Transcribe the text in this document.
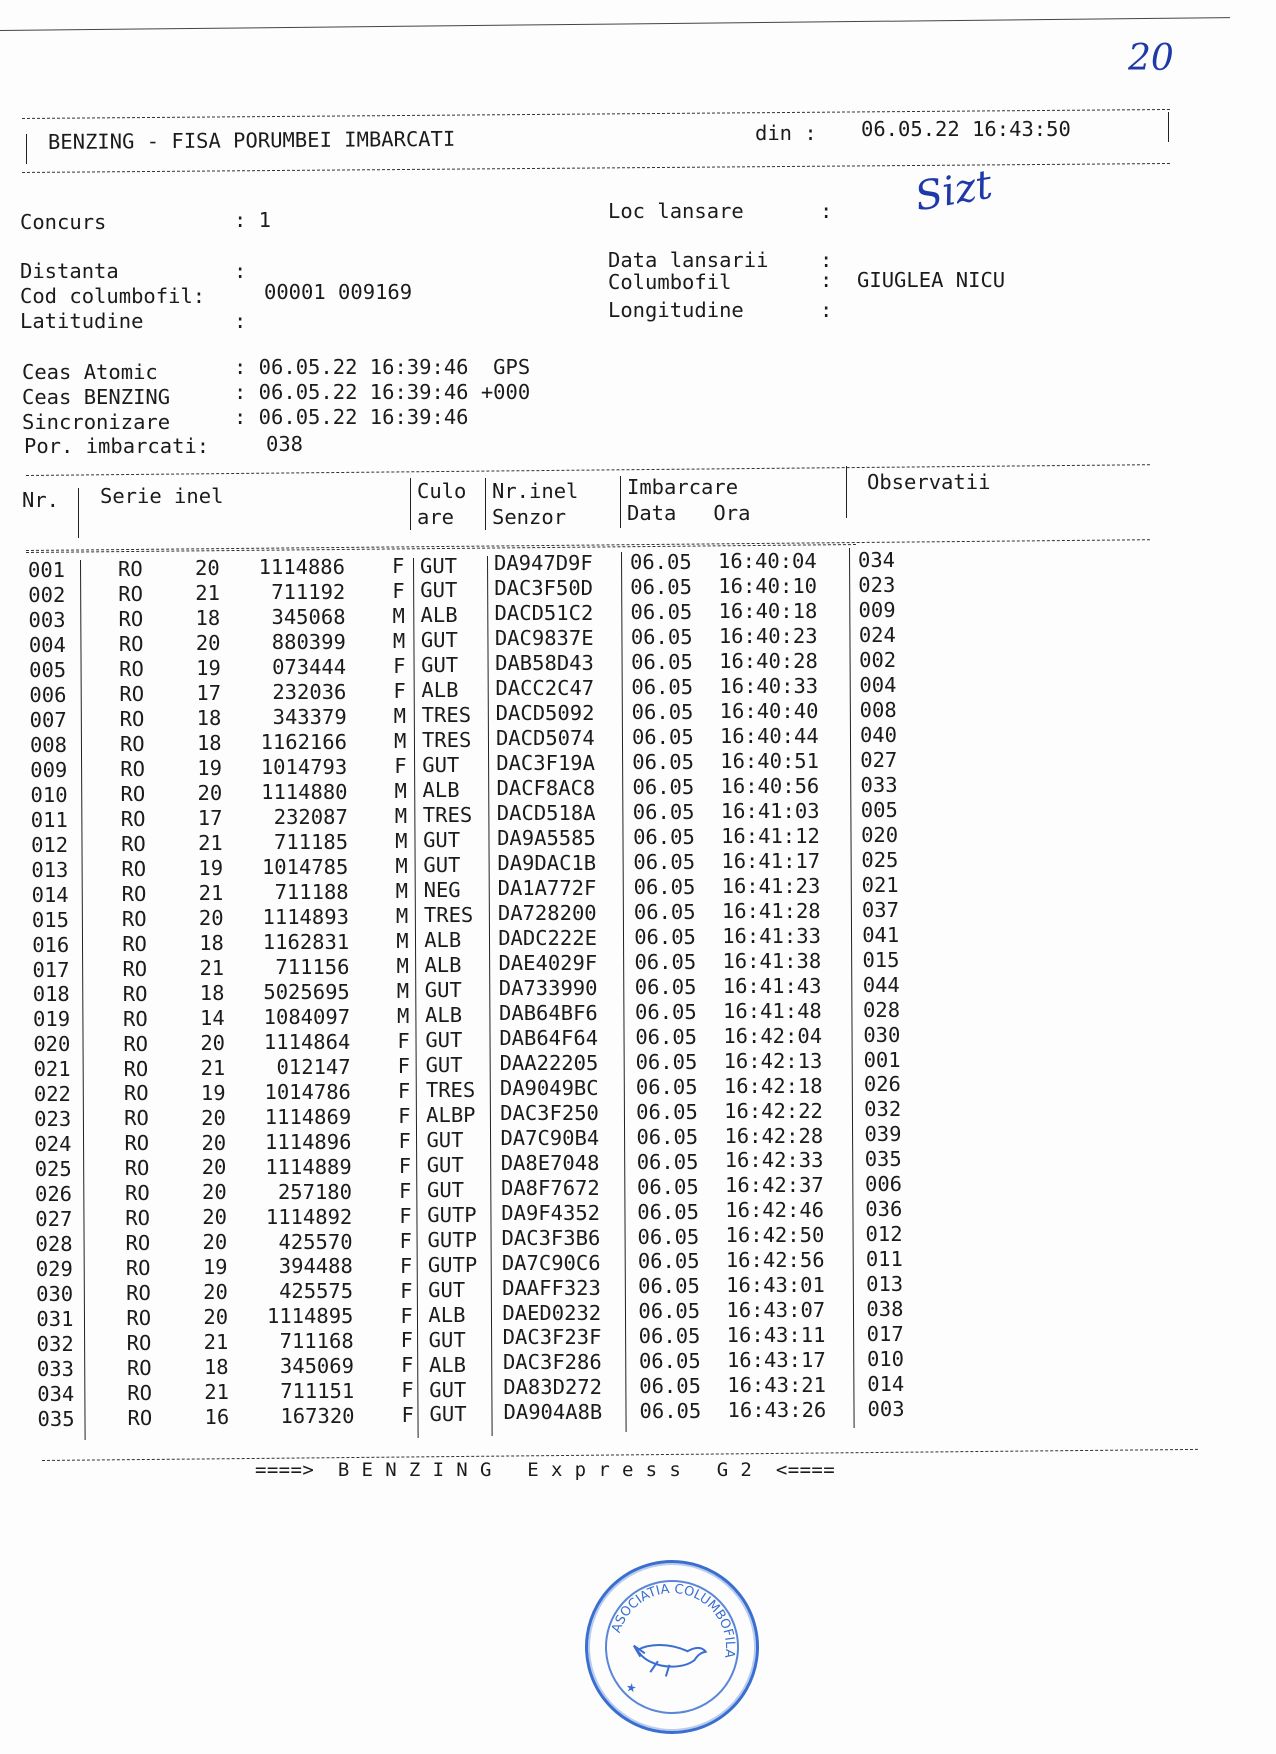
20
BENZING - FISA PORUMBEI IMBARCATI	din : 06.05.22 16:43:50
Sizt
Concurs	: 1	Loc lansare	:
Distanta	:	Data lansarii	:
Cod columbofil:	00001 009169	Columbofil	:  GIUGLEA NICU
Latitudine	:	Longitudine	:
Ceas Atomic	: 06.05.22 16:39:46  GPS
Ceas BENZING	: 06.05.22 16:39:46 +000
Sincronizare	: 06.05.22 16:39:46
Por. imbarcati:	038
Nr. Serie inel	Culo
are
Nr.inel
Senzor
Imbarcare
Data   Ora
Observatii
001	RO	20 1114886 F GUT DA947D9F 06.05 16:40:04 034
002	RO	21	711192 F GUT DAC3F50D 06.05 16:40:10 023
003	RO	18	345068 M ALB DACD51C2 06.05 16:40:18 009
004	RO	20	880399 M GUT DAC9837E 06.05 16:40:23 024
005	RO	19	073444 F GUT DAB58D43 06.05 16:40:28 002
006	RO	17	232036 F ALB DACC2C47 06.05 16:40:33 004
007	RO	18	343379 M TRES DACD5092 06.05 16:40:40 008
008	RO	18 1162166 M TRES DACD5074 06.05 16:40:44 040
009	RO	19 1014793 F GUT DAC3F19A 06.05 16:40:51 027
010	RO	20 1114880 M ALB DACF8AC8 06.05 16:40:56 033
011	RO	17	232087 M TRES DACD518A 06.05 16:41:03 005
012	RO	21	711185 M GUT DA9A5585 06.05 16:41:12 020
013	RO	19 1014785 M GUT DA9DAC1B 06.05 16:41:17 025
014	RO	21	711188 M NEG DA1A772F 06.05 16:41:23 021
015	RO	20 1114893 M TRES DA728200 06.05 16:41:28 037
016	RO	18 1162831 M ALB DADC222E 06.05 16:41:33 041
017	RO	21	711156 M ALB DAE4029F 06.05 16:41:38 015
018	RO	18 5025695 M GUT DA733990 06.05 16:41:43 044
019	RO	14 1084097 M ALB DAB64BF6 06.05 16:41:48 028
020	RO	20 1114864 F GUT DAB64F64 06.05 16:42:04 030
021	RO	21	012147 F GUT DAA22205 06.05 16:42:13 001
022	RO	19 1014786 F TRES DA9049BC 06.05 16:42:18 026
023	RO	20 1114869 F ALBP DAC3F250 06.05 16:42:22 032
024	RO	20 1114896 F GUT DA7C90B4 06.05 16:42:28 039
025	RO	20 1114889 F GUT DA8E7048 06.05 16:42:33 035
026	RO	20	257180 F GUT DA8F7672 06.05 16:42:37 006
027	RO	20 1114892 F GUTP DA9F4352 06.05 16:42:46 036
028	RO	20	425570 F GUTP DAC3F3B6 06.05 16:42:50 012
029	RO	19	394488 F GUTP DA7C90C6 06.05 16:42:56 011
030	RO	20	425575 F GUT DAAFF323 06.05 16:43:01 013
031	RO	20 1114895 F ALB DAED0232 06.05 16:43:07 038
032	RO	21	711168 F GUT DAC3F23F 06.05 16:43:11 017
033	RO	18	345069 F ALB DAC3F286 06.05 16:43:17 010
034	RO	21	711151 F GUT DA83D272 06.05 16:43:21 014
035	RO	16	167320 F GUT DA904A8B 06.05 16:43:26 003
====>  B E N Z I N G   E x p r e s s   G 2  <====
ASOCIATIA COLUMBOFILA
★
